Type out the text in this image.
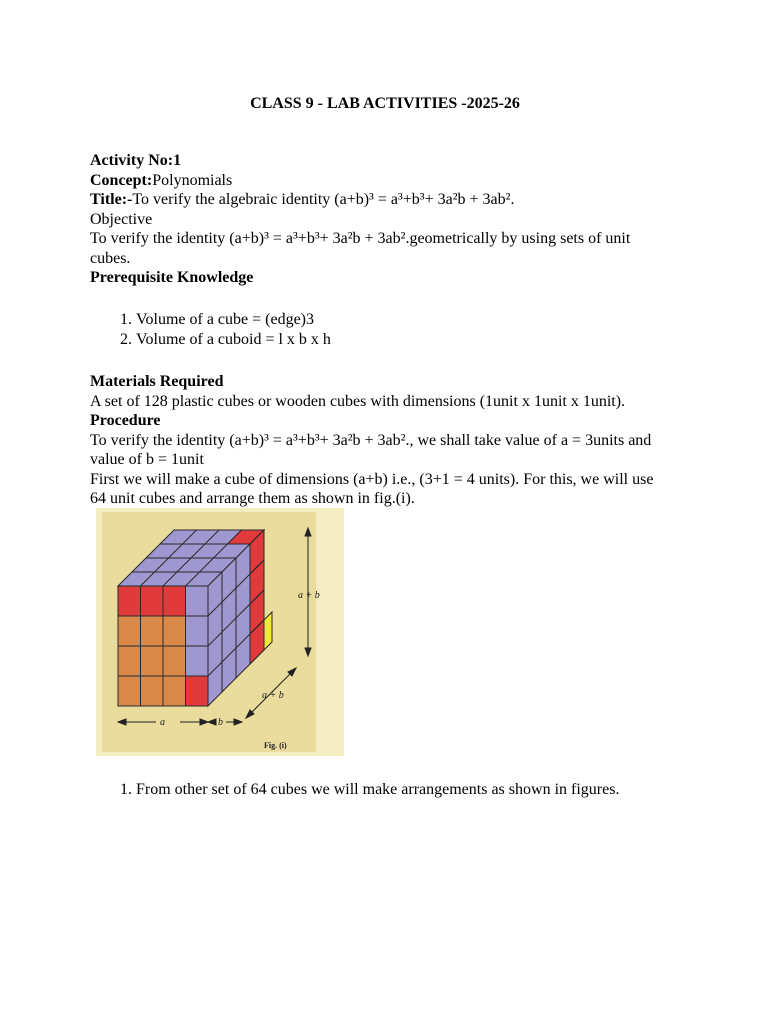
CLASS 9 - LAB ACTIVITIES -2025-26

Activity No:1

Concept:Polynomials

Title:-To verify the algebraic identity (a+b)³ = a³+b³+ 3a²b + 3ab².

Objective

To verify the identity (a+b)³ = a³+b³+ 3a²b + 3ab².geometrically by using sets of unit cubes.

Prerequisite Knowledge

1. Volume of a cube = (edge)3
2. Volume of a cuboid = l x b x h

Materials Required

A set of 128 plastic cubes or wooden cubes with dimensions (1unit x 1unit x 1unit).

Procedure

To verify the identity (a+b)³ = a³+b³+ 3a²b + 3ab²., we shall take value of a = 3units and value of b = 1unit

First we will make a cube of dimensions (a+b) i.e., (3+1 = 4 units). For this, we will use 64 unit cubes and arrange them as shown in fig.(i).

1. From other set of 64 cubes we will make arrangements as shown in figures.
a + b
a + b
a	b
Fig. (i)
